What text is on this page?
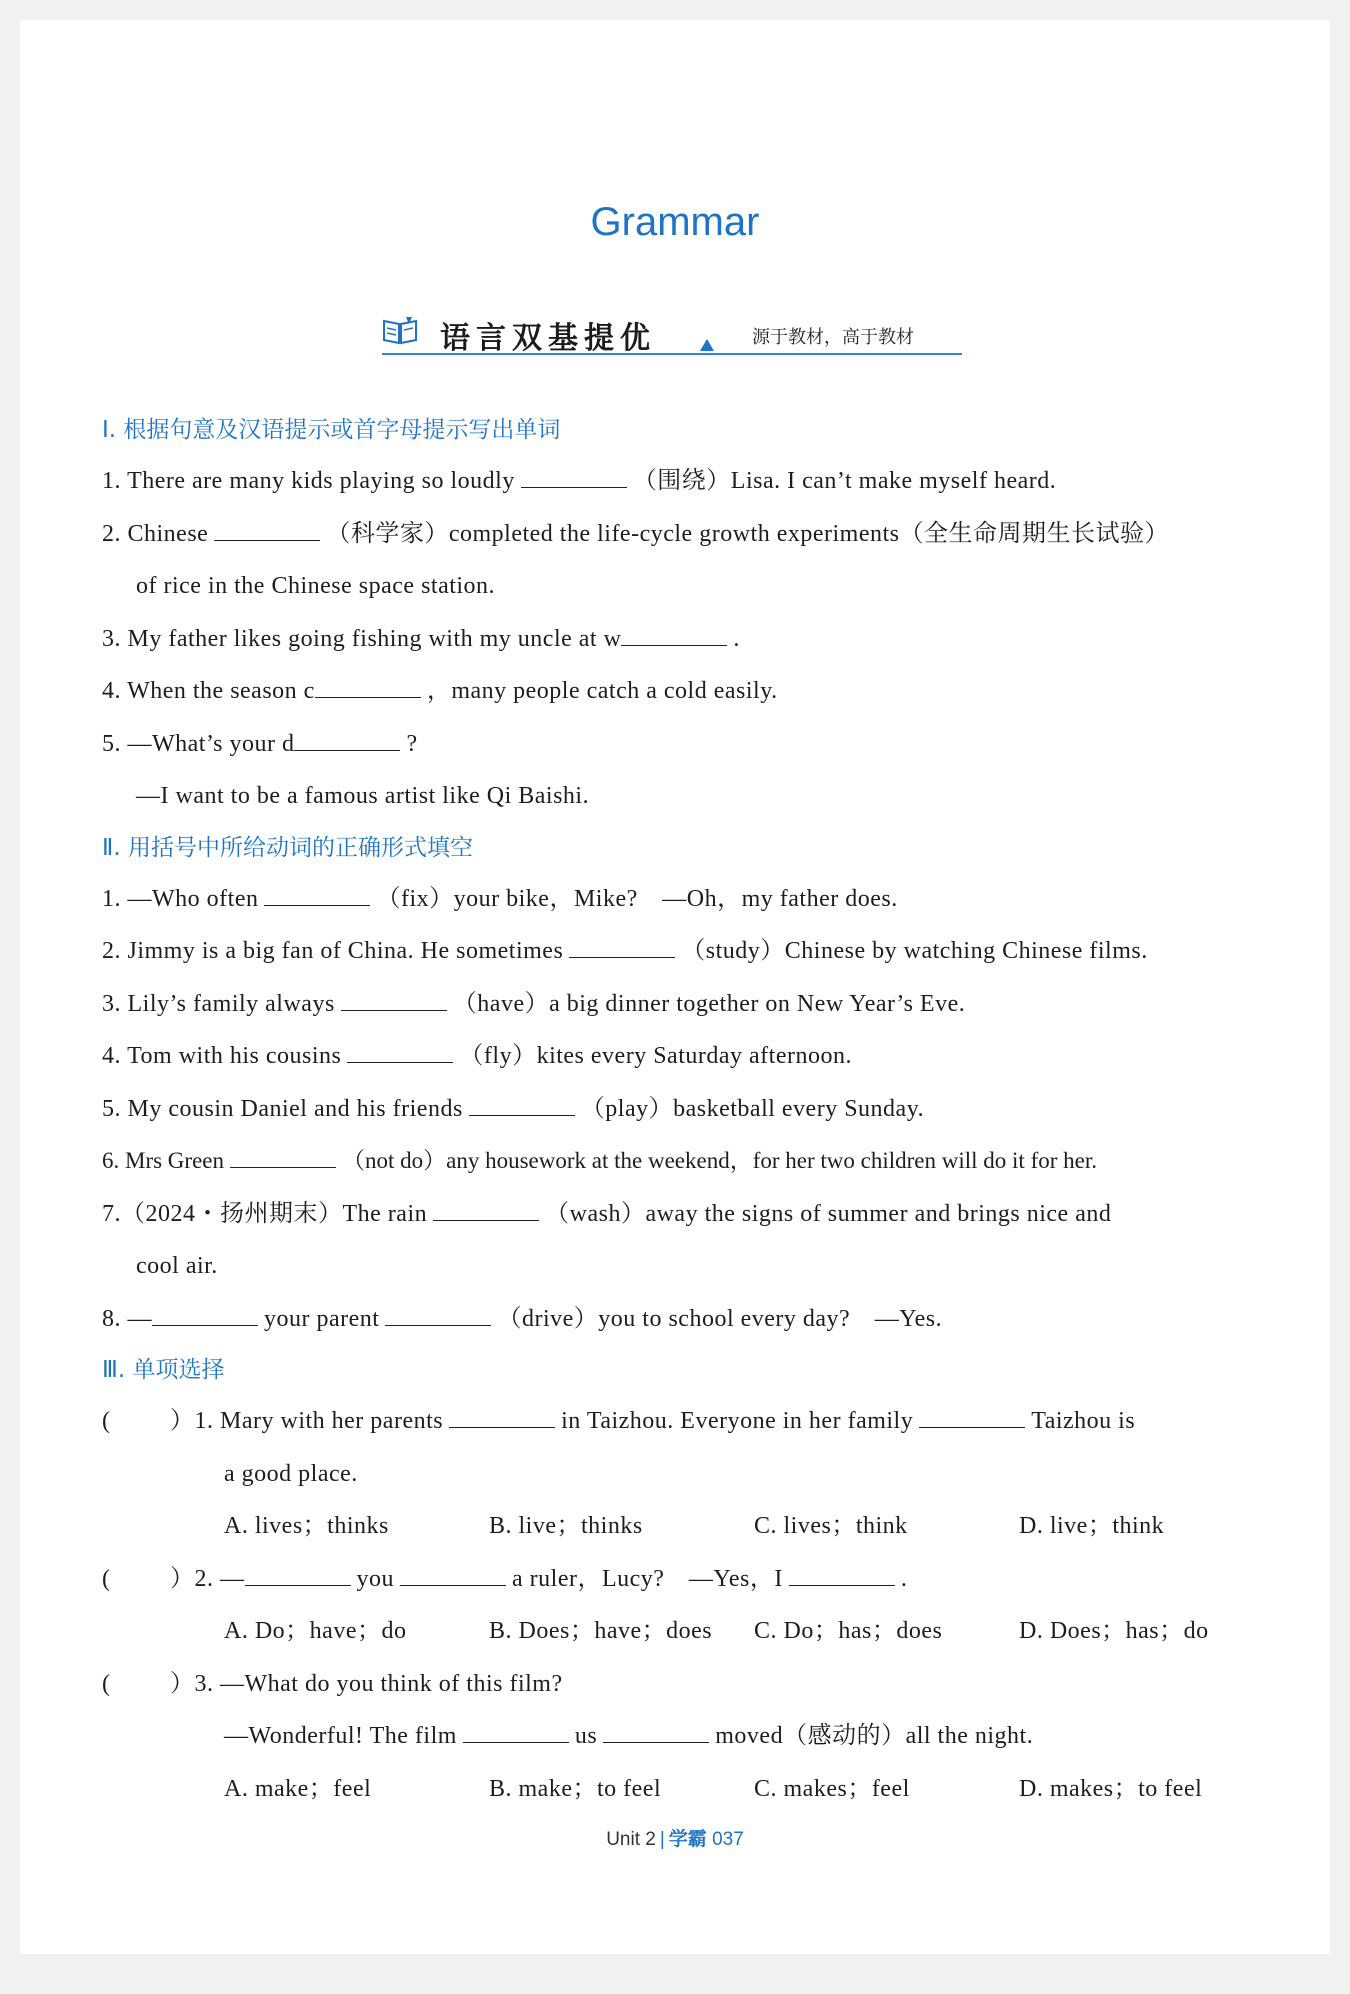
Grammar
语言双基提优	源于教材，高于教材
Ⅰ. 根据句意及汉语提示或首字母提示写出单词
1. There are many kids playing so loudly	（围绕）Lisa. I can’t make myself heard.
2. Chinese	（科学家）completed the life-cycle growth experiments（全生命周期生长试验）
of rice in the Chinese space station.
3. My father likes going fishing with my uncle at w	.
4. When the season c	，many people catch a cold easily.
5. —What’s your d	?
—I want to be a famous artist like Qi Baishi.
Ⅱ. 用括号中所给动词的正确形式填空
1. —Who often	（fix）your bike，Mike?　—Oh，my father does.
2. Jimmy is a big fan of China. He sometimes	（study）Chinese by watching Chinese films.
3. Lily’s family always	（have）a big dinner together on New Year’s Eve.
4. Tom with his cousins	（fly）kites every Saturday afternoon.
5. My cousin Daniel and his friends	（play）basketball every Sunday.
6. Mrs Green	（not do）any housework at the weekend，for her two children will do it for her.
7.（2024・扬州期末）The rain	（wash）away the signs of summer and brings nice and
cool air.
8. —	your parent	（drive）you to school every day?　—Yes.
Ⅲ. 单项选择
( ）1. Mary with her parents	in Taizhou. Everyone in her family	Taizhou is
a good place.
A. lives；thinks	B. live；thinks	C. lives；think	D. live；think
( ）2. —	you	a ruler，Lucy?　—Yes，I	.
A. Do；have；do	B. Does；have；does C. Do；has；does	D. Does；has；do
( ）3. —What do you think of this film?
—Wonderful! The film	us	moved（感动的）all the night.
A. make；feel	B. make；to feel	C. makes；feel	D. makes；to feel
Unit 2 | 学霸 037
